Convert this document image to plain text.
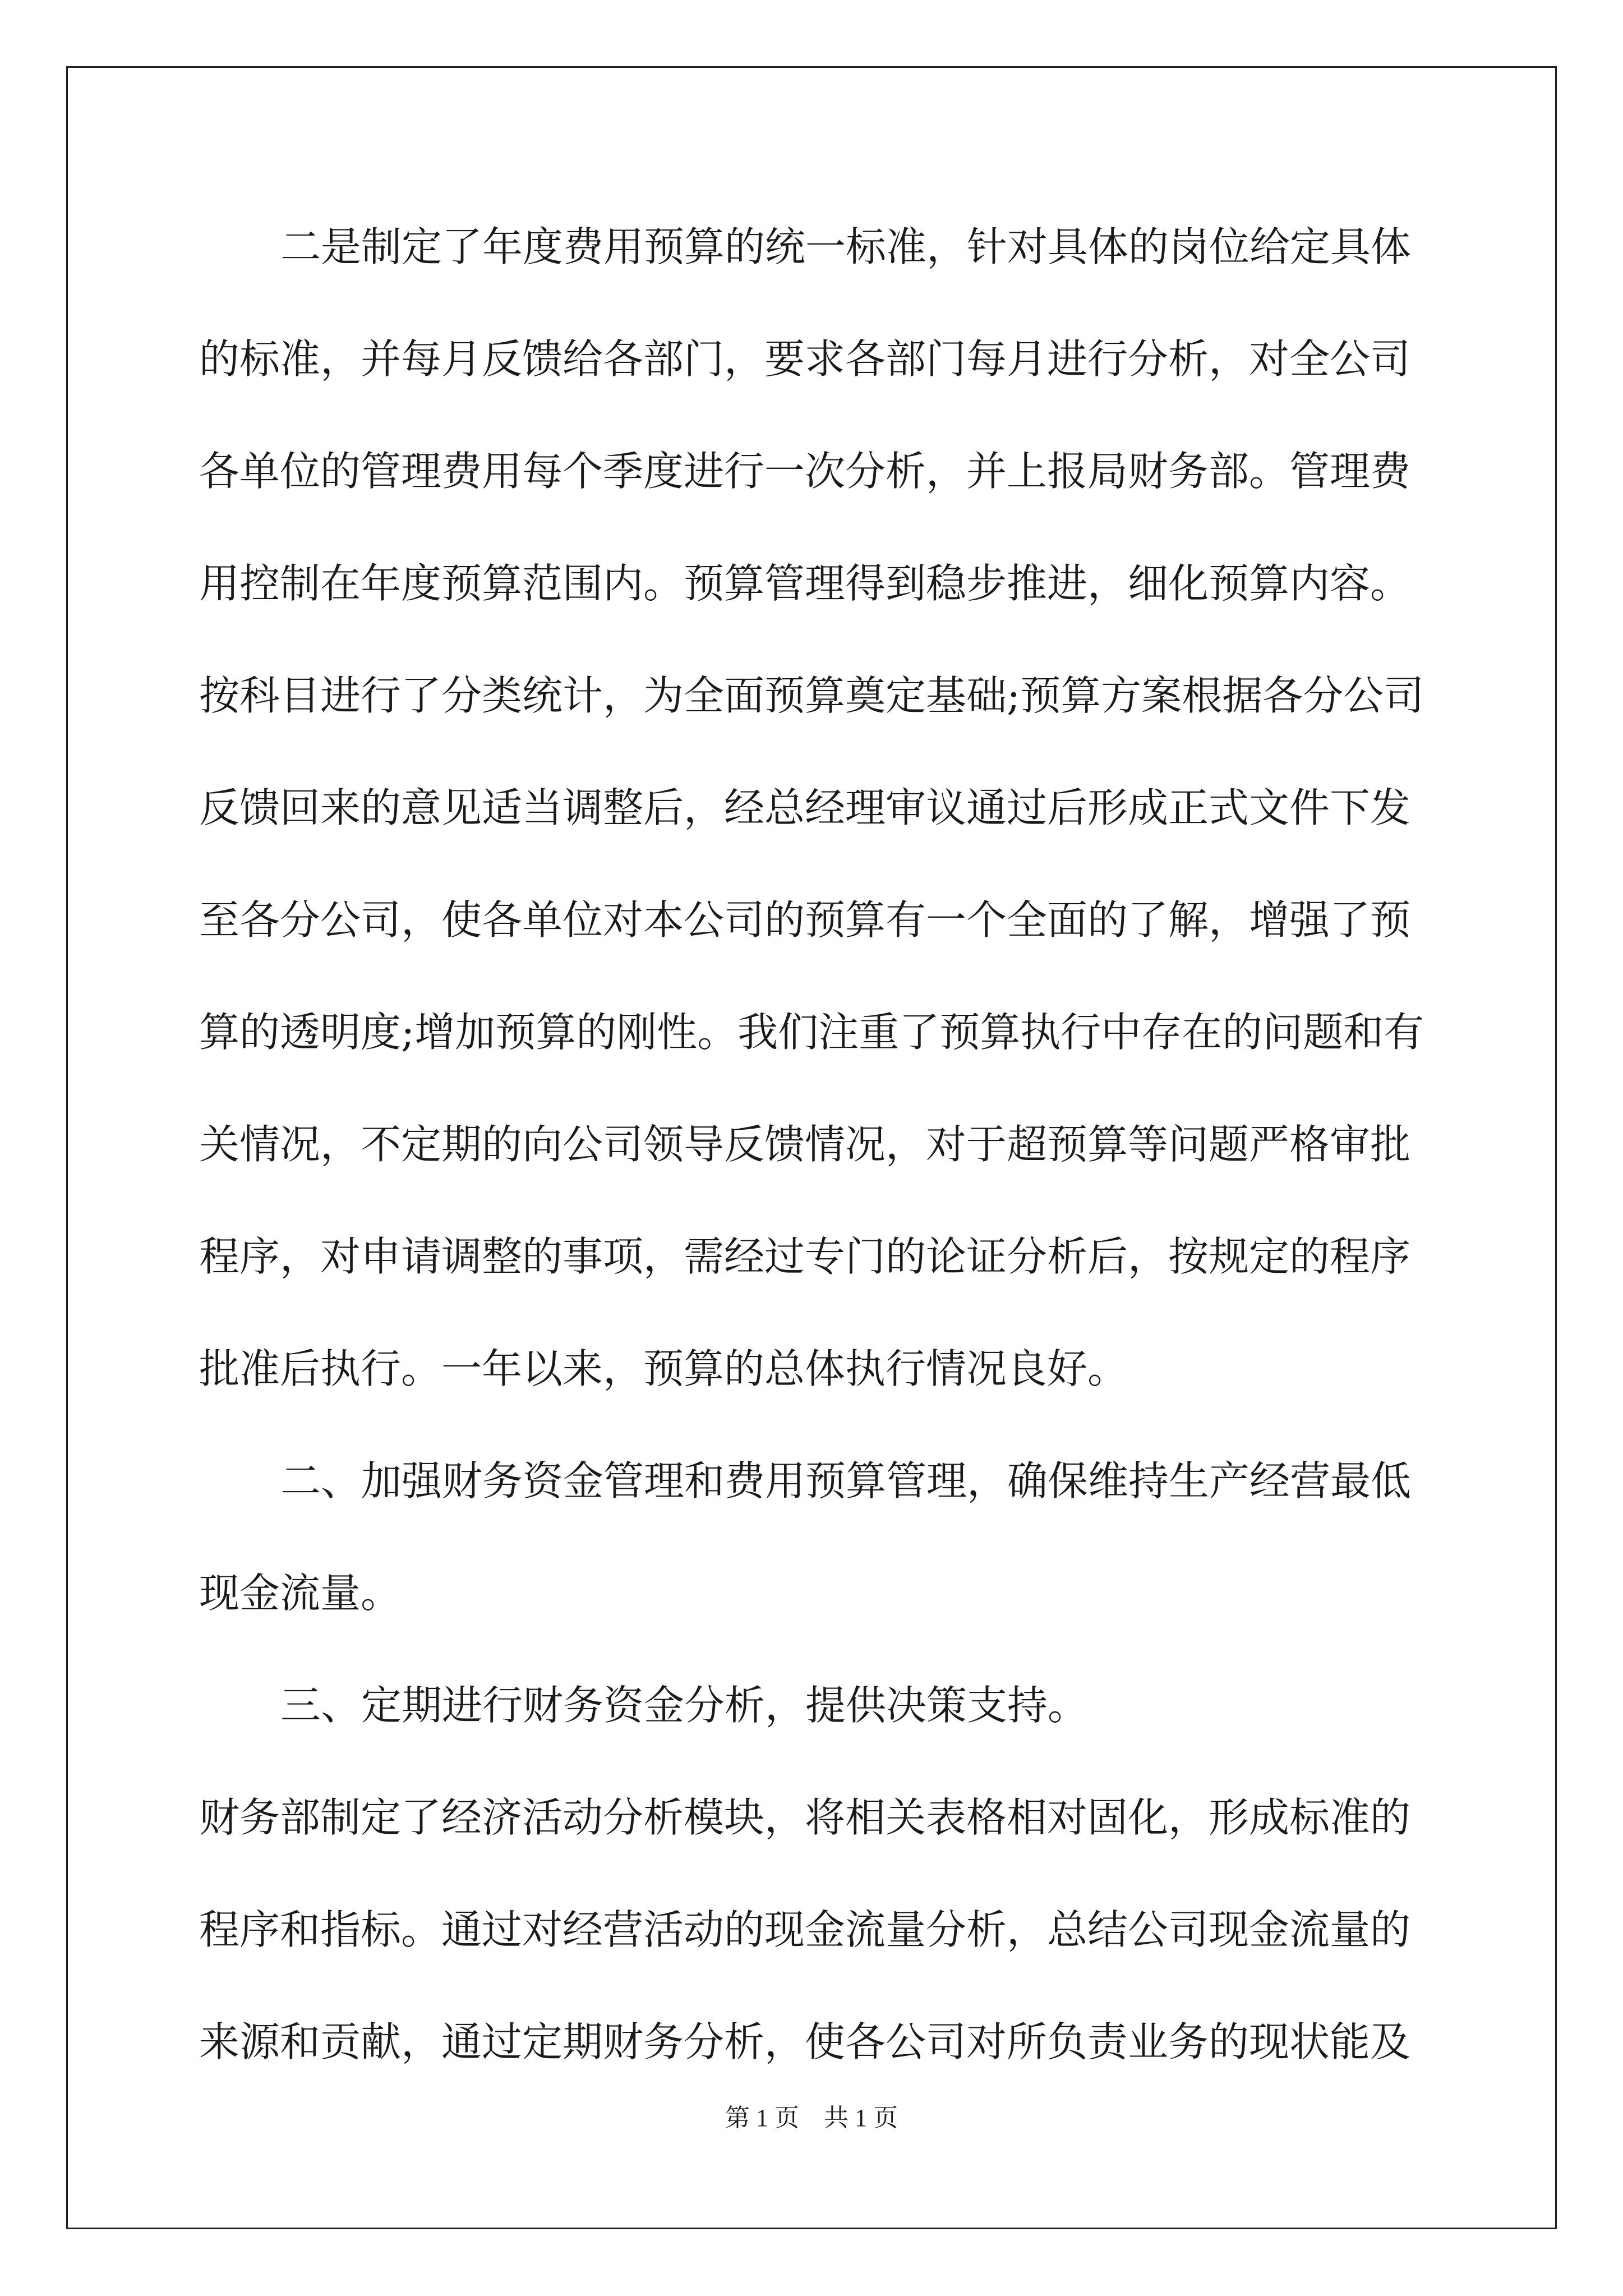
二是制定了年度费用预算的统一标准，针对具体的岗位给定具体
的标准，并每月反馈给各部门，要求各部门每月进行分析，对全公司
各单位的管理费用每个季度进行一次分析，并上报局财务部。管理费
用控制在年度预算范围内。预算管理得到稳步推进，细化预算内容。
按科目进行了分类统计，为全面预算奠定基础;预算方案根据各分公司
反馈回来的意见适当调整后，经总经理审议通过后形成正式文件下发
至各分公司，使各单位对本公司的预算有一个全面的了解，增强了预
算的透明度;增加预算的刚性。我们注重了预算执行中存在的问题和有
关情况，不定期的向公司领导反馈情况，对于超预算等问题严格审批
程序，对申请调整的事项，需经过专门的论证分析后，按规定的程序
批准后执行。一年以来，预算的总体执行情况良好。
二、加强财务资金管理和费用预算管理，确保维持生产经营最低
现金流量。
三、定期进行财务资金分析，提供决策支持。
财务部制定了经济活动分析模块，将相关表格相对固化，形成标准的
程序和指标。通过对经营活动的现金流量分析，总结公司现金流量的
来源和贡献，通过定期财务分析，使各公司对所负责业务的现状能及
第 1 页　共 1 页
